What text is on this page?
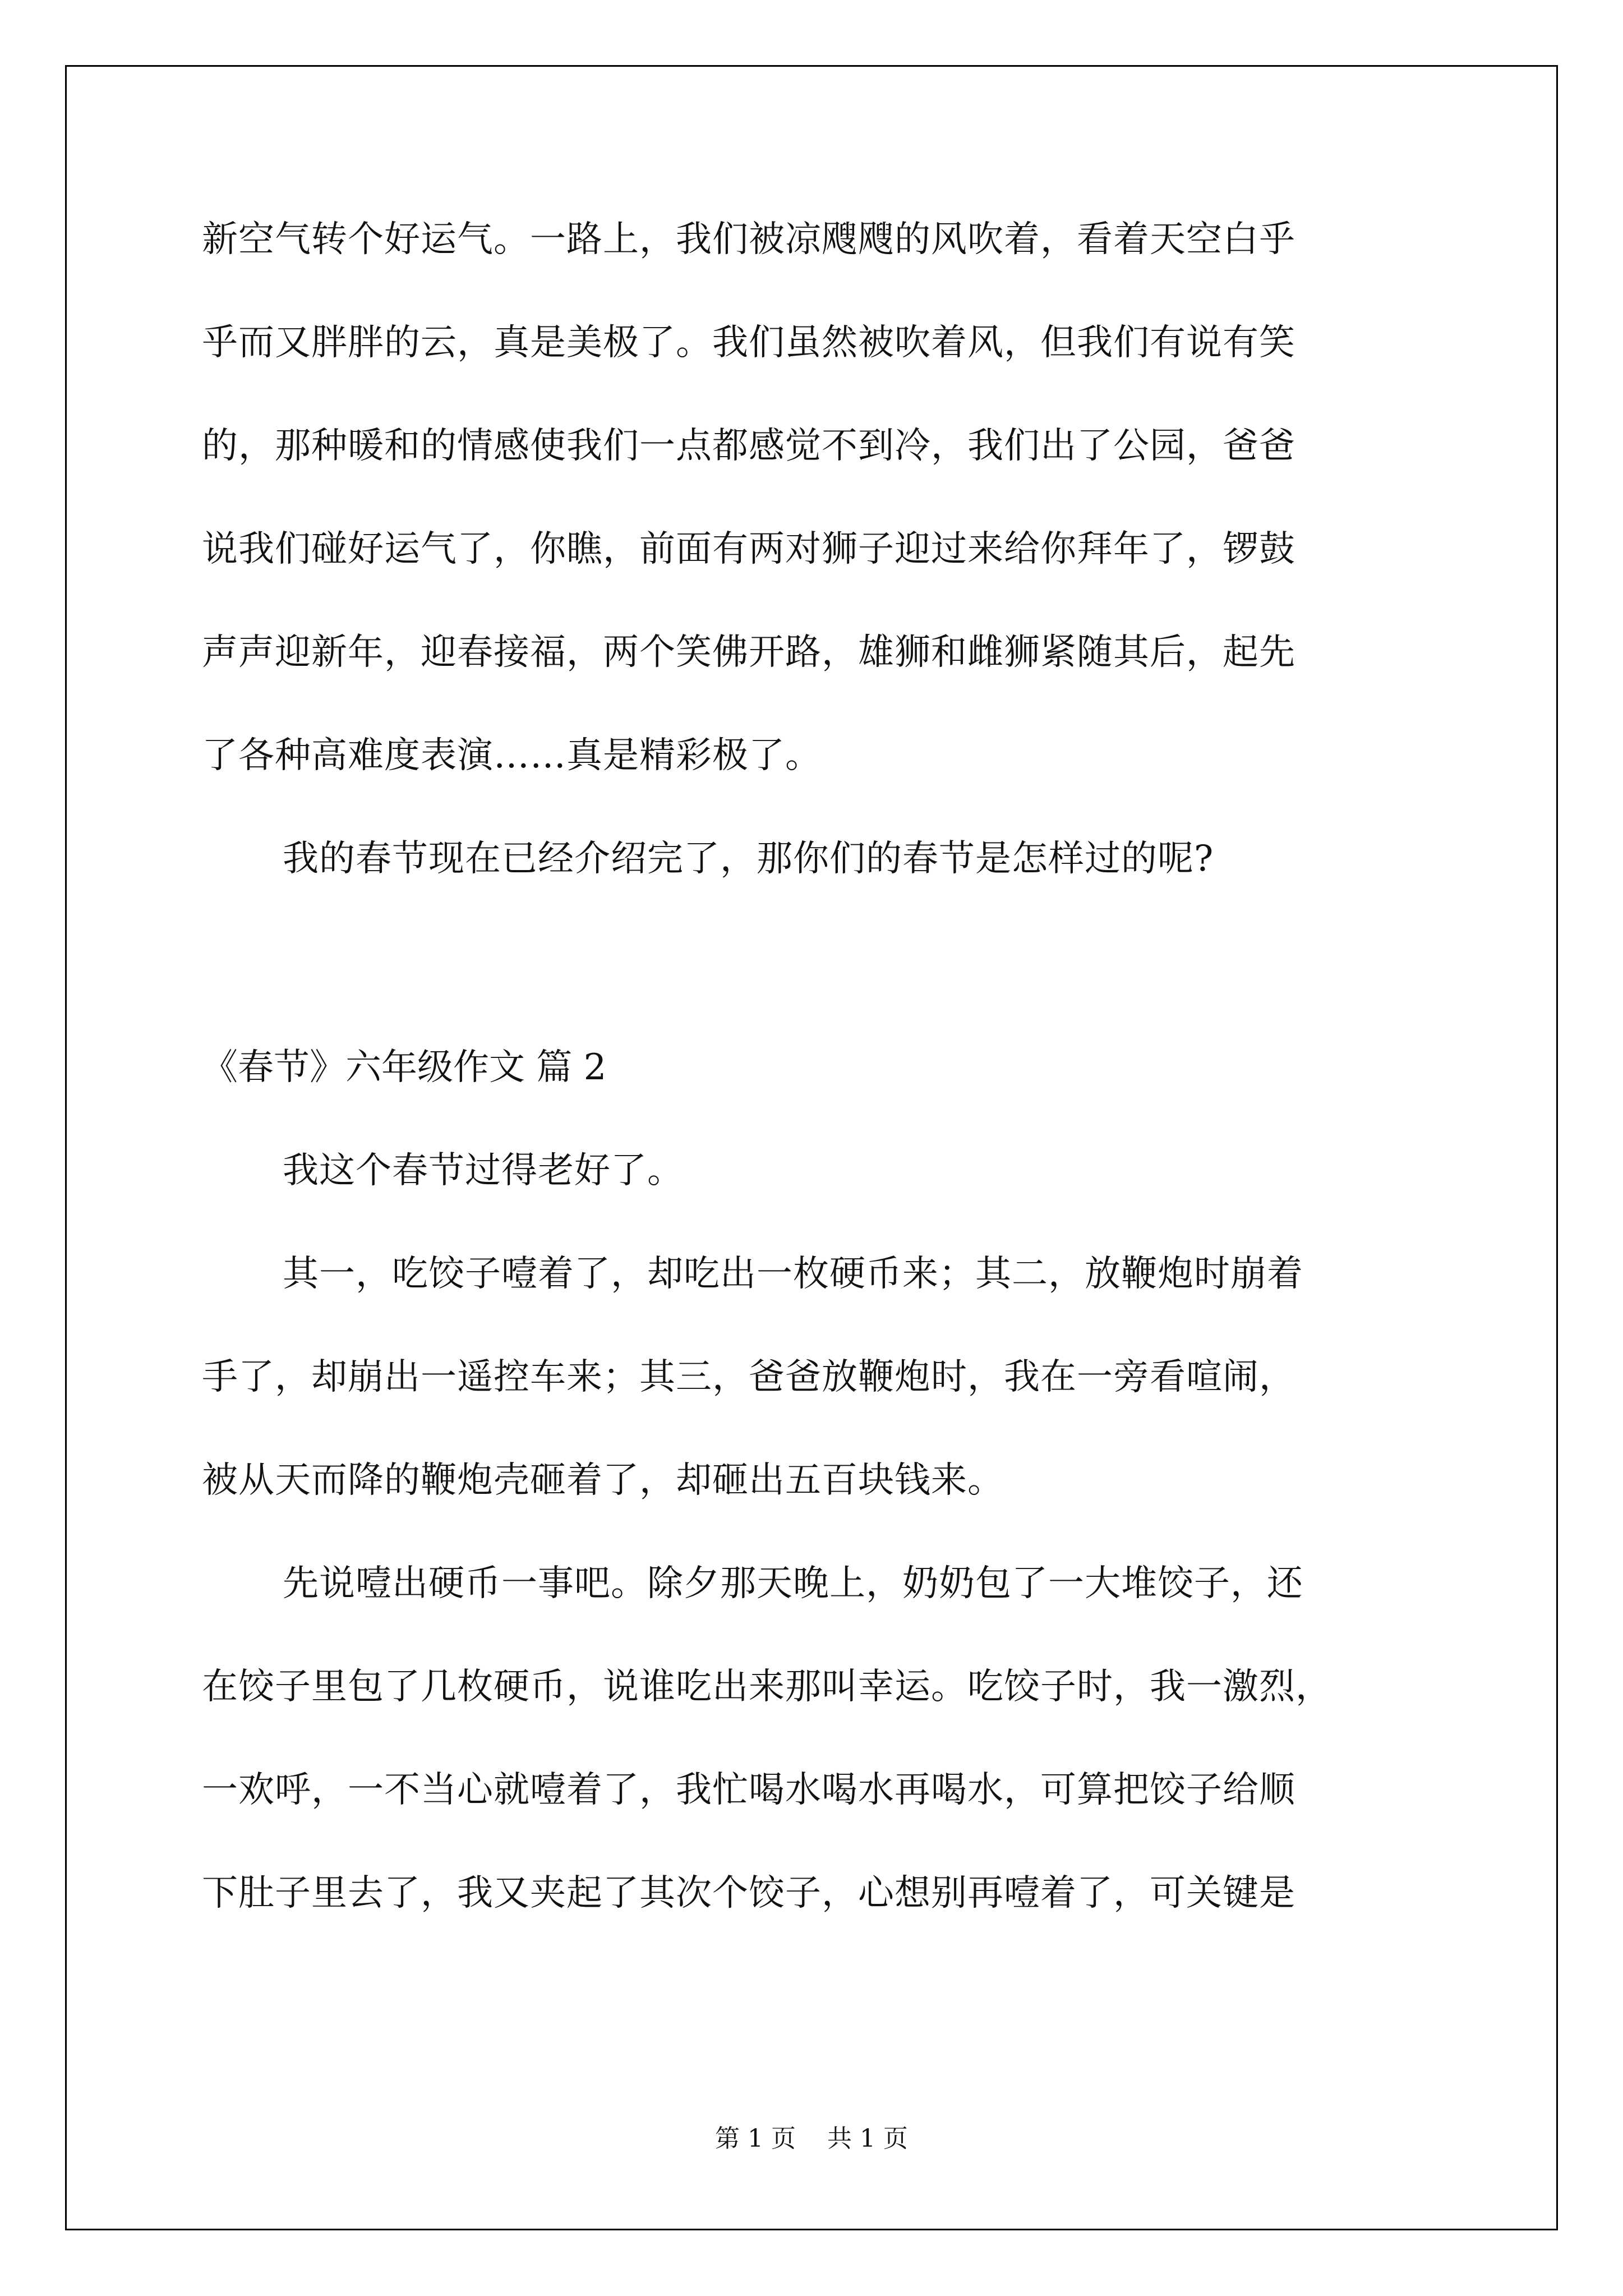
新空气转个好运气。一路上，我们被凉飕飕的风吹着，看着天空白乎
乎而又胖胖的云，真是美极了。我们虽然被吹着风，但我们有说有笑
的，那种暖和的情感使我们一点都感觉不到冷，我们出了公园，爸爸
说我们碰好运气了，你瞧，前面有两对狮子迎过来给你拜年了，锣鼓
声声迎新年，迎春接福，两个笑佛开路，雄狮和雌狮紧随其后，起先
了各种高难度表演……真是精彩极了。
我的春节现在已经介绍完了，那你们的春节是怎样过的呢?
《春节》六年级作文 篇 2
我这个春节过得老好了。
其一，吃饺子噎着了，却吃出一枚硬币来；其二，放鞭炮时崩着
手了，却崩出一遥控车来；其三，爸爸放鞭炮时，我在一旁看喧闹，
被从天而降的鞭炮壳砸着了，却砸出五百块钱来。
先说噎出硬币一事吧。除夕那天晚上，奶奶包了一大堆饺子，还
在饺子里包了几枚硬币，说谁吃出来那叫幸运。吃饺子时，我一激烈，
一欢呼，一不当心就噎着了，我忙喝水喝水再喝水，可算把饺子给顺
下肚子里去了，我又夹起了其次个饺子，心想别再噎着了，可关键是
第 1 页    共 1 页
